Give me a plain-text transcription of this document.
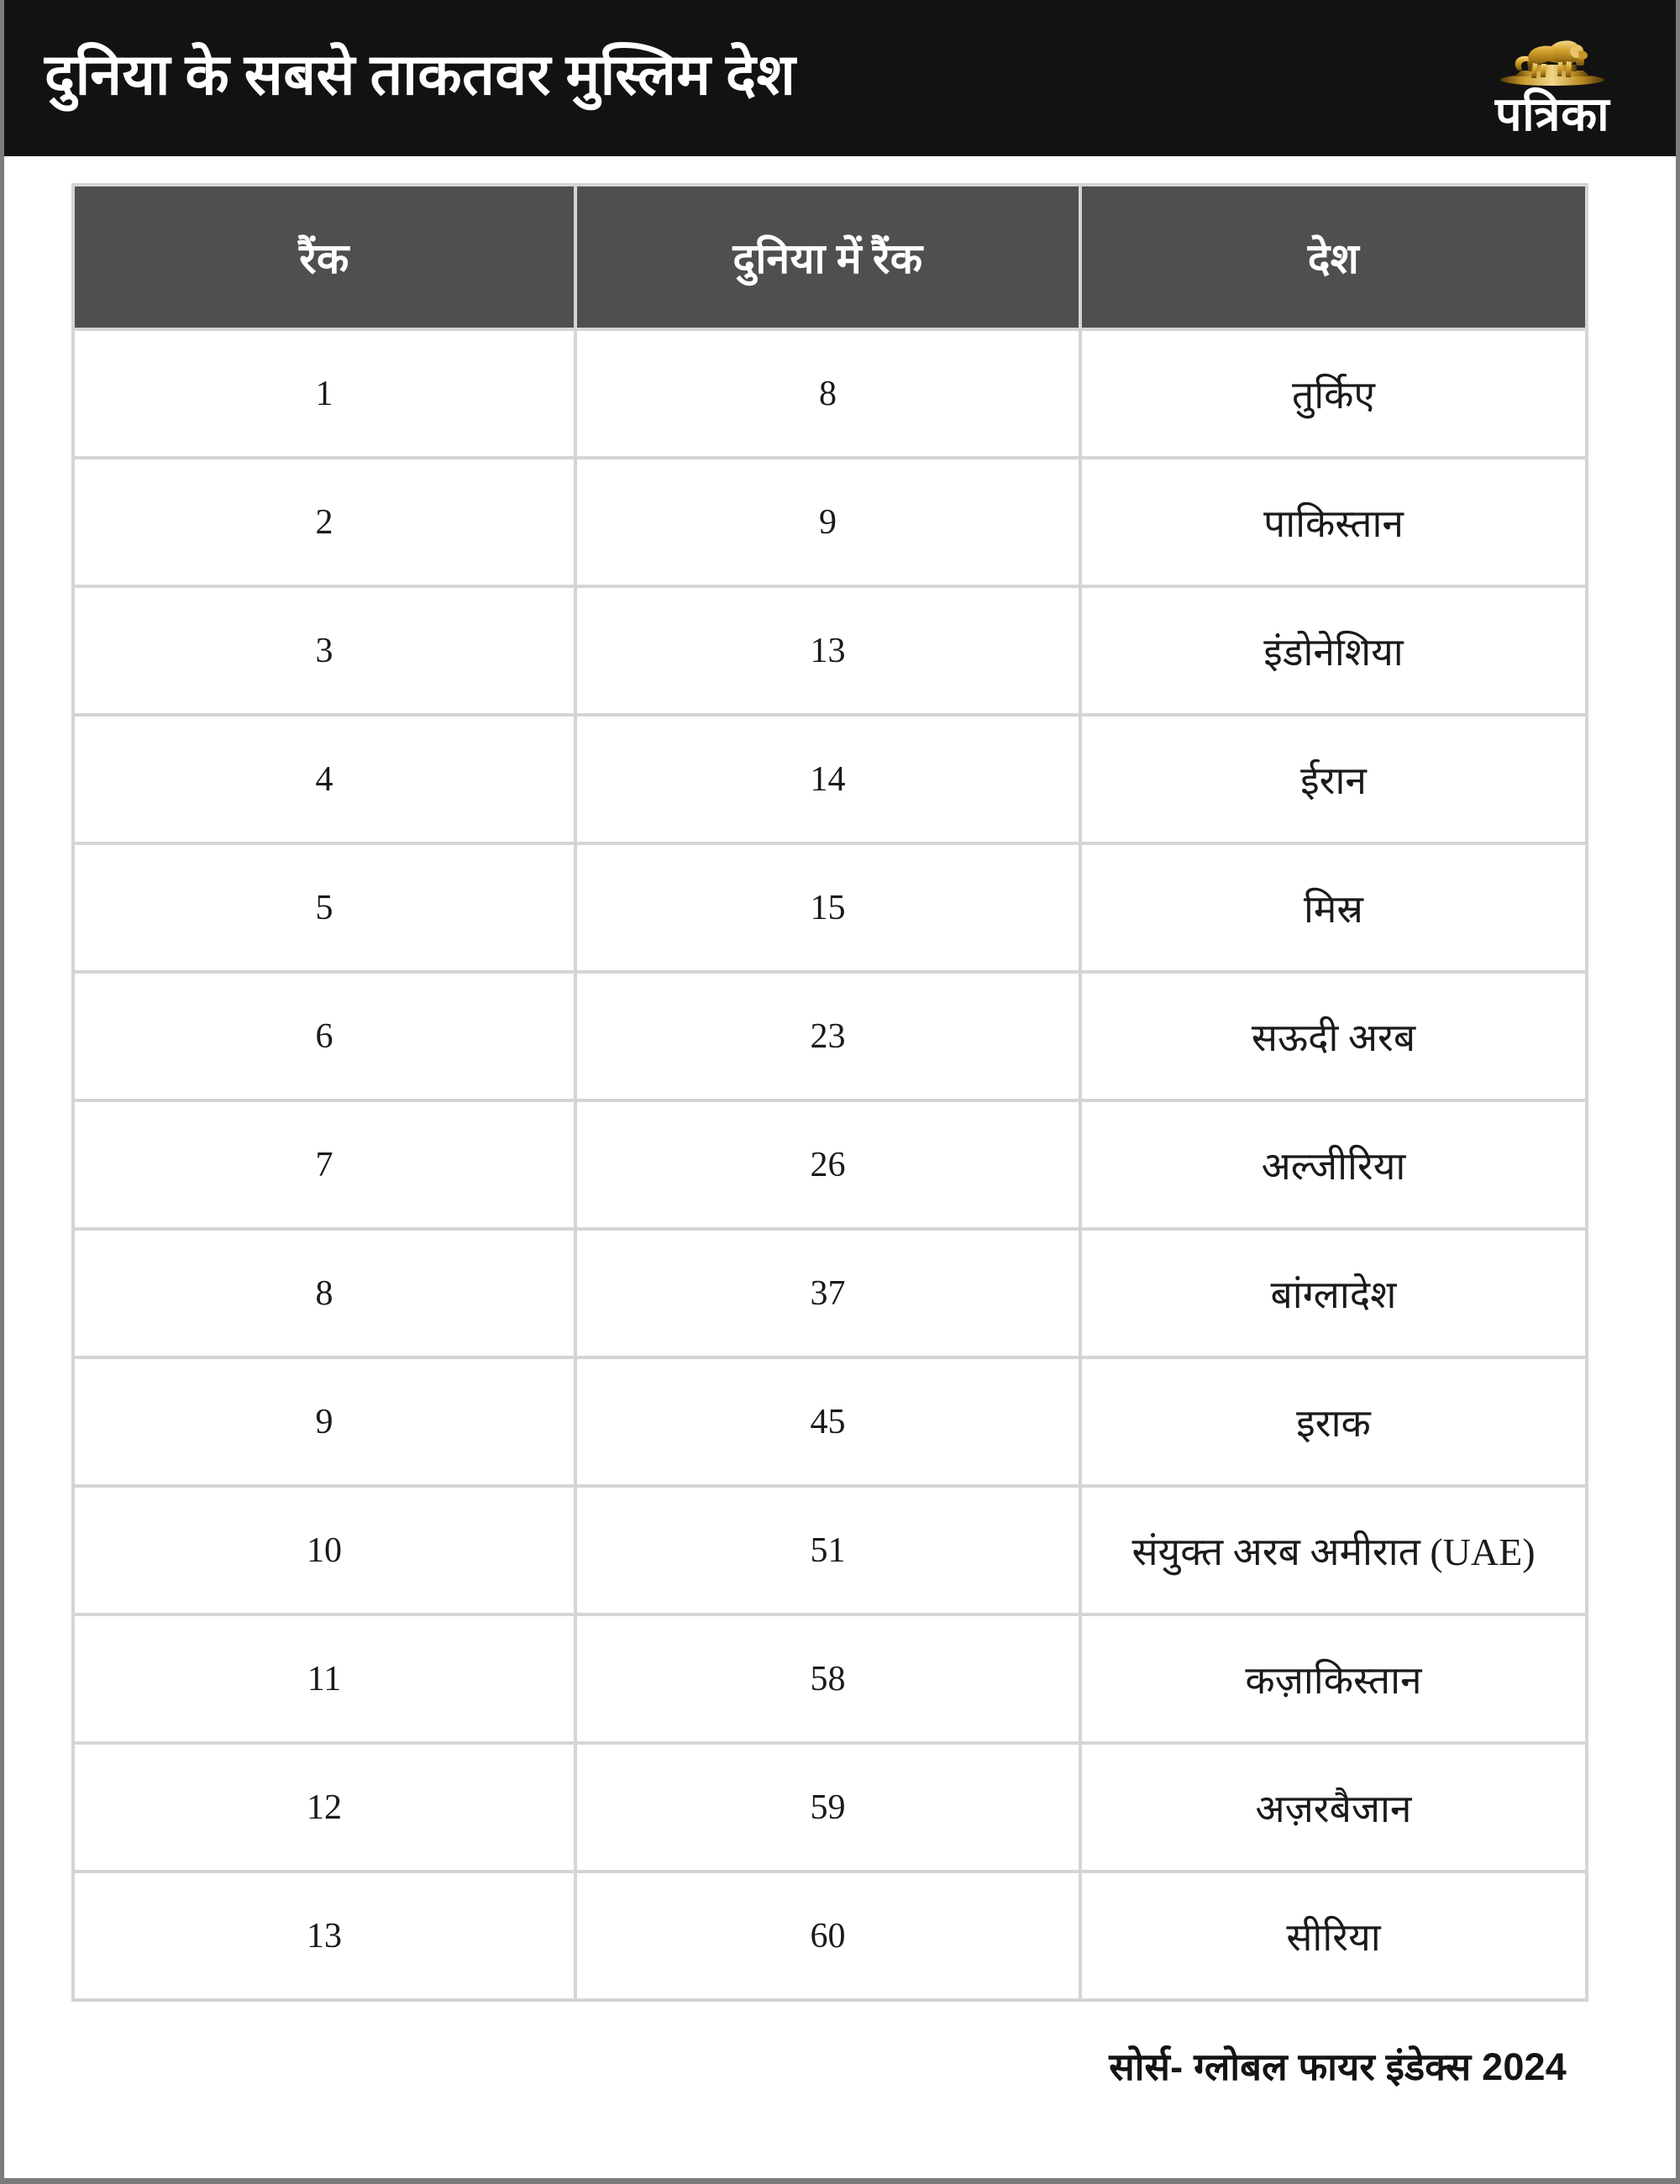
दुनिया के सबसे ताकतवर मुस्लिम देश
पत्रिका
रैंक	दुनिया में रैंक	देश
1	8	तुर्किए
2	9	पाकिस्तान
3	13	इंडोनेशिया
4	14	ईरान
5	15	मिस्र
6	23	सऊदी अरब
7	26	अल्जीरिया
8	37	बांग्लादेश
9	45	इराक
10	51	संयुक्त अरब अमीरात (UAE)
11	58	कज़ाकिस्तान
12	59	अज़रबैजान
13	60	सीरिया
सोर्स- ग्लोबल फायर इंडेक्स 2024
